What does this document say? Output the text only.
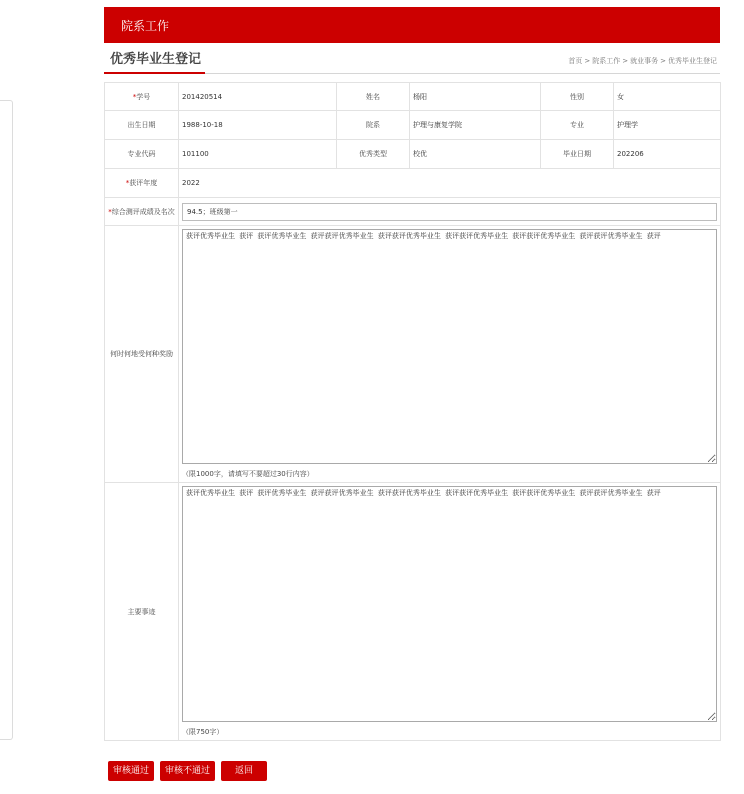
院系工作
优秀毕业生登记	首页 > 院系工作 > 就业事务 > 优秀毕业生登记
*学号	201420514	姓名	杨阳	性别	女
出生日期	1988-10-18	院系	护理与康复学院	专业	护理学
专业代码	101100	优秀类型	校优	毕业日期	202206
*获评年度	2022				
*综合测评成绩及名次	94.5；班级第一
何时何地受何种奖励	获评优秀毕业生 获评 获评优秀毕业生 获评获评优秀毕业生 获评获评优秀毕业生 获评获评优秀毕业生 获评获评优秀毕业生 获评获评优秀毕业生 获评
（限1000字，请填写不要超过30行内容）

主要事迹	获评优秀毕业生 获评 获评优秀毕业生 获评获评优秀毕业生 获评获评优秀毕业生 获评获评优秀毕业生 获评获评优秀毕业生 获评获评优秀毕业生 获评
（限750字）
审核通过 审核不通过	返回
